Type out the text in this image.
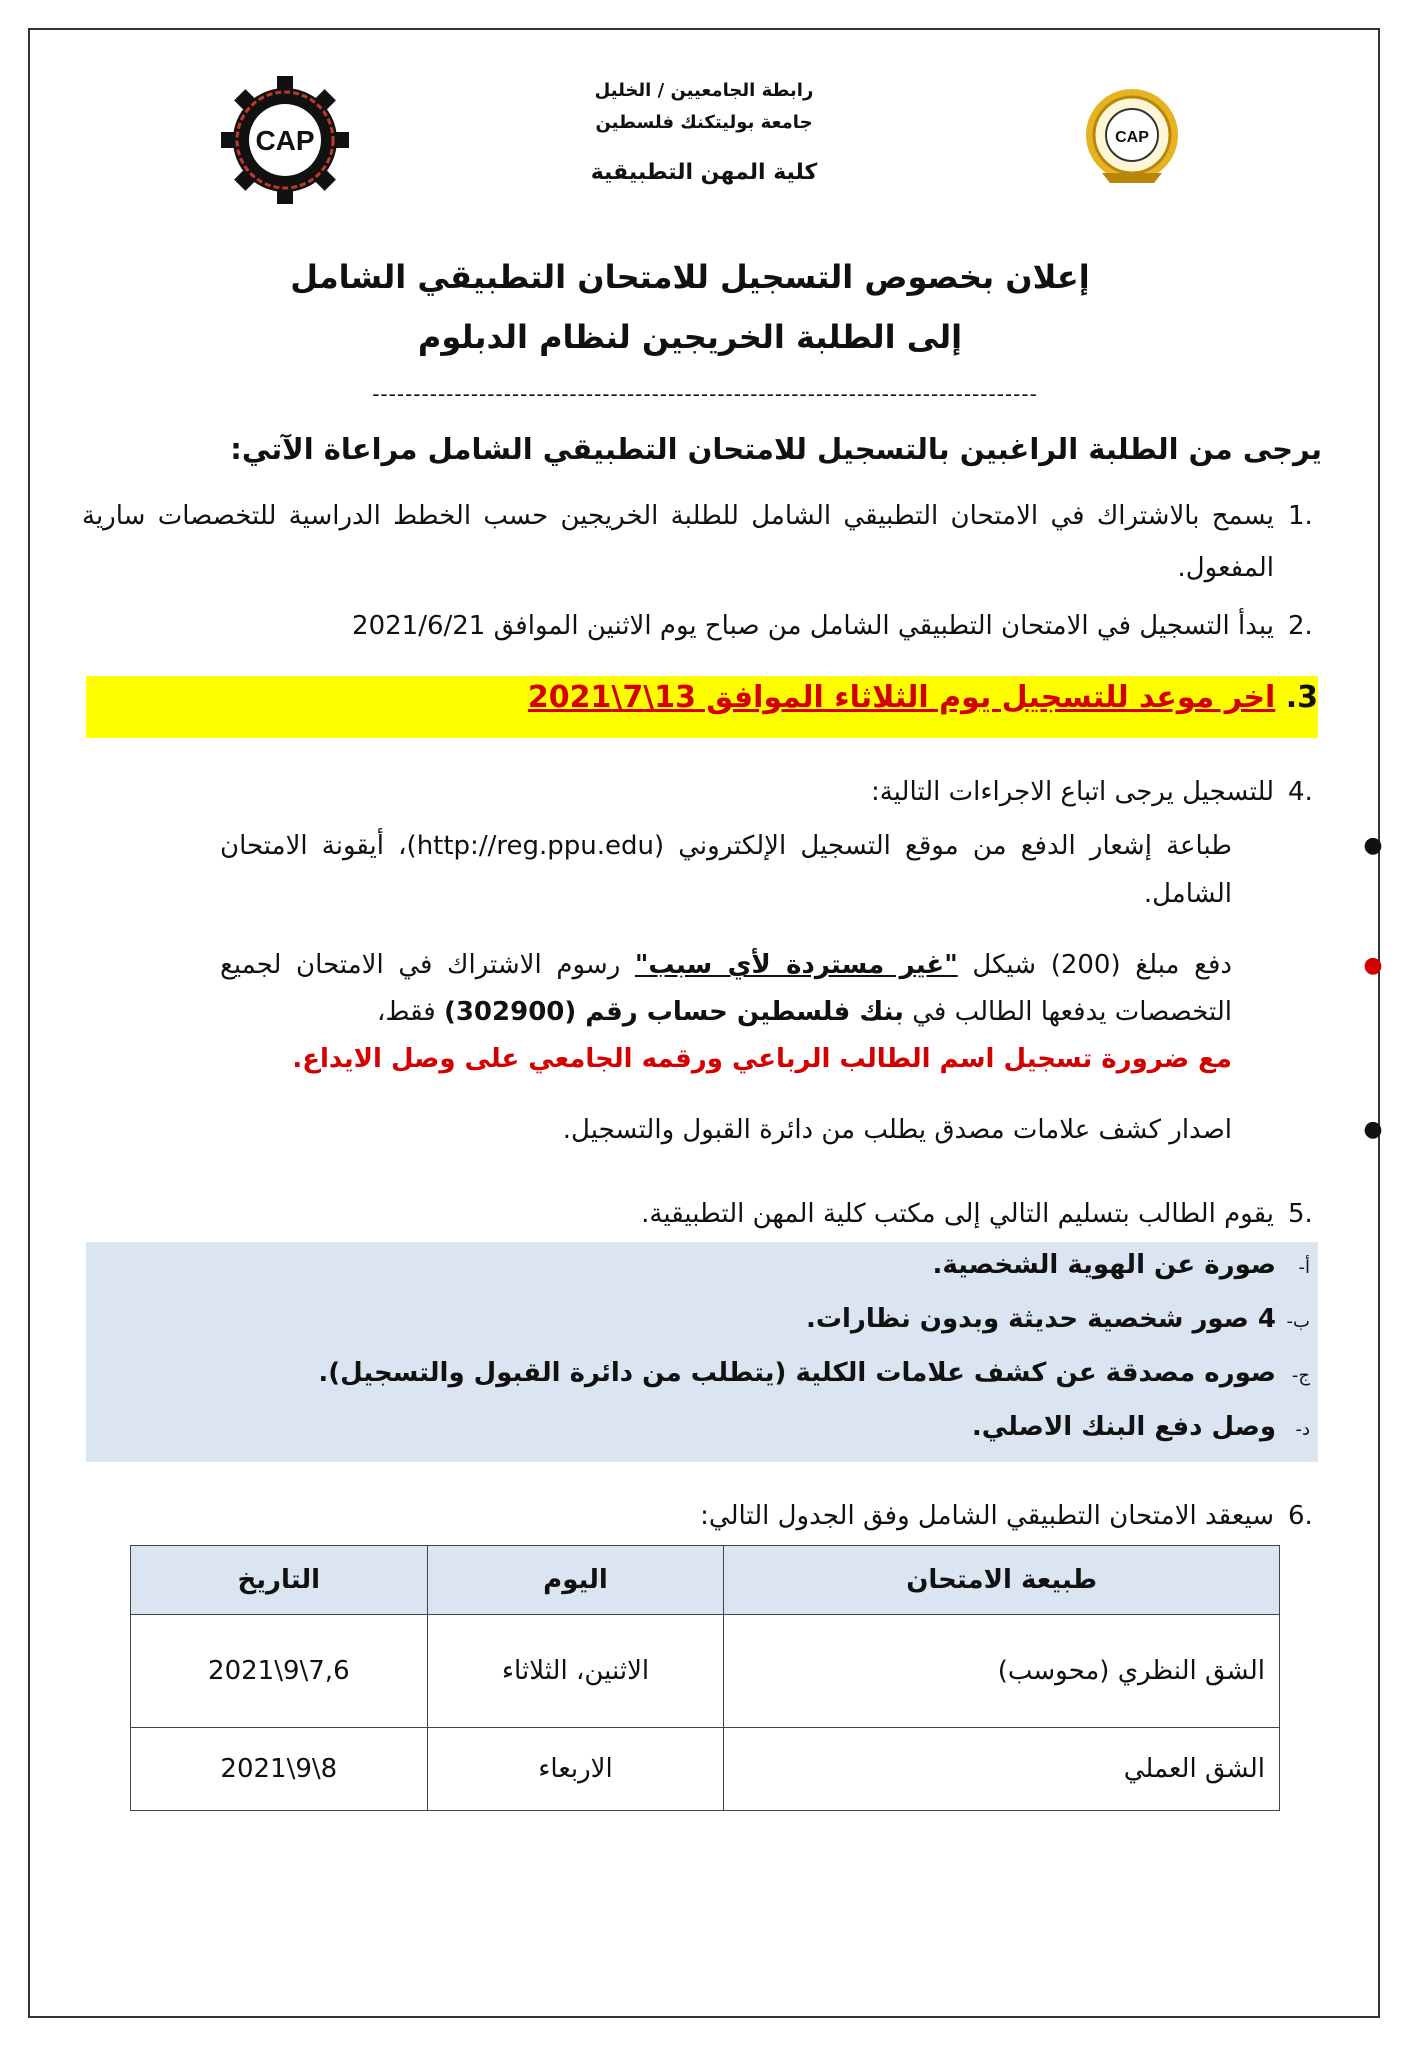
CAP	CAP
رابطة الجامعيين / الخليل
جامعة بوليتكنك فلسطين
كلية المهن التطبيقية
إعلان بخصوص التسجيل للامتحان التطبيقي الشامل
إلى الطلبة الخريجين لنظام الدبلوم
---------------------------------------------------------------------------------
يرجى من الطلبة الراغبين بالتسجيل للامتحان التطبيقي الشامل مراعاة الآتي:
1.
يسمح بالاشتراك في الامتحان التطبيقي الشامل للطلبة الخريجين حسب الخطط الدراسية للتخصصات سارية المفعول.
2.
يبدأ التسجيل في الامتحان التطبيقي الشامل من صباح يوم الاثنين الموافق 2021/6/21
3. اخر موعد للتسجيل يوم الثلاثاء الموافق 13\7\2021
4.
للتسجيل يرجى اتباع الاجراءات التالية:
●
طباعة إشعار الدفع من موقع التسجيل الإلكتروني (http://reg.ppu.edu)، أيقونة الامتحان الشامل.
●
دفع مبلغ (200) شيكل "غير مستردة لأي سبب" رسوم الاشتراك في الامتحان لجميع التخصصات يدفعها الطالب في بنك فلسطين حساب رقم (302900) فقط،
مع ضرورة تسجيل اسم الطالب الرباعي ورقمه الجامعي على وصل الايداع.
●
اصدار كشف علامات مصدق يطلب من دائرة القبول والتسجيل.
5.
يقوم الطالب بتسليم التالي إلى مكتب كلية المهن التطبيقية.
أ-صورة عن الهوية الشخصية.
ب-4 صور شخصية حديثة وبدون نظارات.
ج-صوره مصدقة عن كشف علامات الكلية (يتطلب من دائرة القبول والتسجيل).
د-وصل دفع البنك الاصلي.
6.
سيعقد الامتحان التطبيقي الشامل وفق الجدول التالي:
طبيعة الامتحان	اليوم	التاريخ
الشق النظري (محوسب)	الاثنين، الثلاثاء	2021\9\7,6
الشق العملي	الاربعاء	2021\9\8
